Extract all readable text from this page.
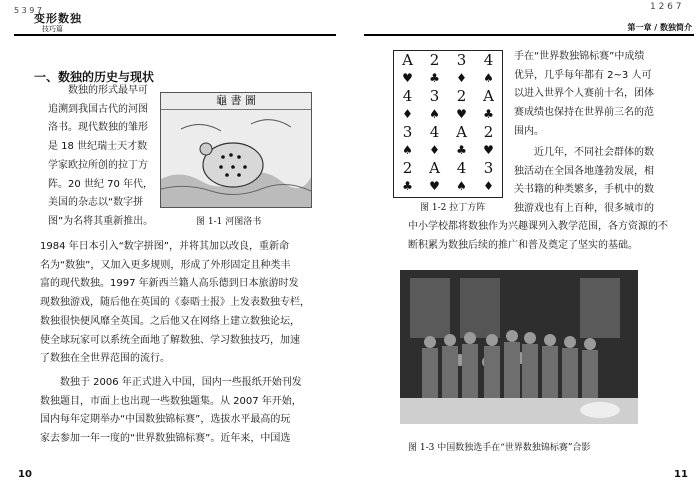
5 3 9 7
变形数独
技巧篇
一、数独的历史与现状
数独的形式最早可
追溯到我国古代的河图
洛书。现代数独的雏形
是 18 世纪瑞士天才数
学家欧拉所创的拉丁方
阵。20 世纪 70 年代，
美国的杂志以“数字拼
图”为名将其重新推出。
龜 書 圖
图 1-1 河图洛书
1984 年日本引入“数字拼图”，并将其加以改良，重新命
名为“数独”，又加入更多规则，形成了外形固定且种类丰
富的现代数独。1997 年新西兰籍人高乐德到日本旅游时发
现数独游戏，随后他在英国的《泰晤士报》上发表数独专栏，
数独很快便风靡全英国。之后他又在网络上建立数独论坛，
使全球玩家可以系统全面地了解数独、学习数独技巧，加速
了数独在全世界范围的流行。
数独于 2006 年正式进入中国，国内一些报纸开始刊发
数独题目，市面上也出现一些数独题集。从 2007 年开始，
国内每年定期举办“中国数独锦标赛”，选拔水平最高的玩
家去参加一年一度的“世界数独锦标赛”。近年来，中国选
10
1 2 6 7
第一章 / 数独简介
手在“世界数独锦标赛”中成绩
优异，几乎每年都有 2~3 人可
以进入世界个人赛前十名，团体
赛成绩也保持在世界前三名的范
围内。
近几年，不同社会群体的数
独活动在全国各地蓬勃发展，相
关书籍的种类繁多，手机中的数
独游戏也有上百种，很多城市的
图 1-2 拉丁方阵
中小学校都将数独作为兴趣课列入教学范围，各方资源的不
断积累为数独后续的推广和普及奠定了坚实的基础。
图 1-3 中国数独选手在“世界数独锦标赛”合影
11
A	2	3	4
♥	♣	♦	♠
4	3	2	A
♦	♠	♥	♣
3	4	A	2
♠	♦	♣	♥
2	A	4	3
♣	♥	♠	♦
